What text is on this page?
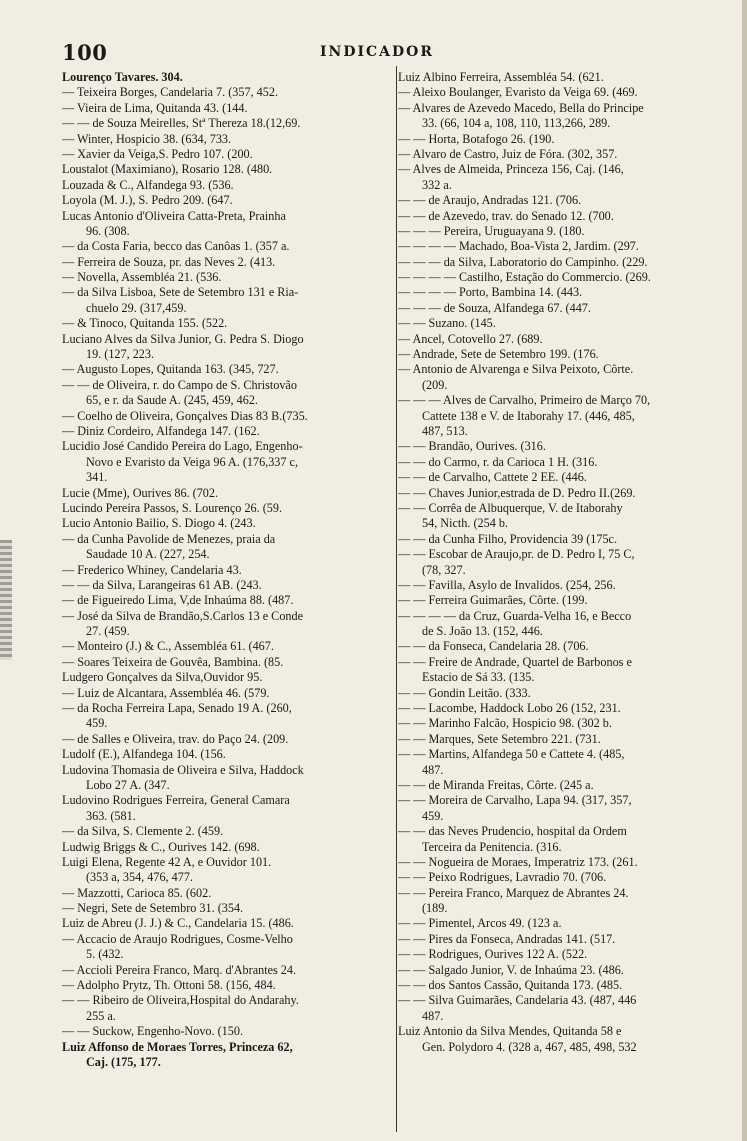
100	INDICADOR
Lourenço Tavares. 304.
— Teixeira Borges, Candelaria 7. (357, 452.
— Vieira de Lima, Quitanda 43. (144.
— — de Souza Meirelles, Stª Thereza 18.(12,69.
— Winter, Hospicio 38. (634, 733.
— Xavier da Veiga,S. Pedro 107. (200.
Loustalot (Maximiano), Rosario 128. (480.
Louzada & C., Alfandega 93. (536.
Loyola (M. J.), S. Pedro 209. (647.
Lucas Antonio d'Oliveira Catta-Preta, Prainha
96. (308.
— da Costa Faria, becco das Canôas 1. (357 a.
— Ferreira de Souza, pr. das Neves 2. (413.
— Novella, Assembléa 21. (536.
— da Silva Lisboa, Sete de Setembro 131 e Ria-
chuelo 29. (317,459.
— & Tinoco, Quitanda 155. (522.
Luciano Alves da Silva Junior, G. Pedra S. Diogo
19. (127, 223.
— Augusto Lopes, Quitanda 163. (345, 727.
— — de Oliveira, r. do Campo de S. Christovão
65, e r. da Saude A. (245, 459, 462.
— Coelho de Oliveira, Gonçalves Dias 83 B.(735.
— Diniz Cordeiro, Alfandega 147. (162.
Lucidio José Candido Pereira do Lago, Engenho-
Novo e Evaristo da Veiga 96 A. (176,337 c,
341.
Lucie (Mme), Ourives 86. (702.
Lucindo Pereira Passos, S. Lourenço 26. (59.
Lucio Antonio Bailio, S. Diogo 4. (243.
— da Cunha Pavolide de Menezes, praia da
Saudade 10 A. (227, 254.
— Frederico Whiney, Candelaria 43.
— — da Silva, Larangeiras 61 AB. (243.
— de Figueiredo Lima, V,de Inhaúma 88. (487.
— José da Silva de Brandão,S.Carlos 13 e Conde
27. (459.
— Monteiro (J.) & C., Assembléa 61. (467.
— Soares Teixeira de Gouvêa, Bambina. (85.
Ludgero Gonçalves da Silva,Ouvidor 95.
— Luiz de Alcantara, Assembléa 46. (579.
— da Rocha Ferreira Lapa, Senado 19 A. (260,
459.
— de Salles e Oliveira, trav. do Paço 24. (209.
Ludolf (E.), Alfandega 104. (156.
Ludovina Thomasia de Oliveira e Silva, Haddock
Lobo 27 A. (347.
Ludovino Rodrigues Ferreira, General Camara
363. (581.
— da Silva, S. Clemente 2. (459.
Ludwig Briggs & C., Ourives 142. (698.
Luigi Elena, Regente 42 A, e Ouvidor 101.
(353 a, 354, 476, 477.
— Mazzotti, Carioca 85. (602.
— Negri, Sete de Setembro 31. (354.
Luiz de Abreu (J. J.) & C., Candelaria 15. (486.
— Accacio de Araujo Rodrigues, Cosme-Velho
5. (432.
— Accioli Pereira Franco, Marq. d'Abrantes 24.
— Adolpho Prytz, Th. Ottoni 58. (156, 484.
— — Ribeiro de Oliveira,Hospital do Andarahy.
255 a.
— — Suckow, Engenho-Novo. (150.
Luiz Affonso de Moraes Torres, Princeza 62,
Caj. (175, 177.
Luiz Albino Ferreira, Assembléa 54. (621.
— Aleixo Boulanger, Evaristo da Veiga 69. (469.
— Alvares de Azevedo Macedo, Bella do Principe
33. (66, 104 a, 108, 110, 113,266, 289.
— — Horta, Botafogo 26. (190.
— Alvaro de Castro, Juiz de Fóra. (302, 357.
— Alves de Almeida, Princeza 156, Caj. (146,
332 a.
— — de Araujo, Andradas 121. (706.
— — de Azevedo, trav. do Senado 12. (700.
— — — Pereira, Uruguayana 9. (180.
— — — — Machado, Boa-Vista 2, Jardim. (297.
— — — da Silva, Laboratorio do Campinho. (229.
— — — — Castilho, Estação do Commercio. (269.
— — — — Porto, Bambina 14. (443.
— — — de Souza, Alfandega 67. (447.
— — Suzano. (145.
— Ancel, Cotovello 27. (689.
— Andrade, Sete de Setembro 199. (176.
— Antonio de Alvarenga e Silva Peixoto, Côrte.
(209.
— — — Alves de Carvalho, Primeiro de Março 70,
Cattete 138 e V. de Itaborahy 17. (446, 485,
487, 513.
— — Brandão, Ourives. (316.
— — do Carmo, r. da Carioca 1 H. (316.
— — de Carvalho, Cattete 2 EE. (446.
— — Chaves Junior,estrada de D. Pedro II.(269.
— — Corrêa de Albuquerque, V. de Itaborahy
54, Nicth. (254 b.
— — da Cunha Filho, Providencia 39 (175c.
— — Escobar de Araujo,pr. de D. Pedro I, 75 C,
(78, 327.
— — Favilla, Asylo de Invalidos. (254, 256.
— — Ferreira Guimarães, Côrte. (199.
— — — — da Cruz, Guarda-Velha 16, e Becco
de S. João 13. (152, 446.
— — da Fonseca, Candelaria 28. (706.
— — Freire de Andrade, Quartel de Barbonos e
Estacio de Sá 33. (135.
— — Gondin Leitão. (333.
— — Lacombe, Haddock Lobo 26 (152, 231.
— — Marinho Falcão, Hospicio 98. (302 b.
— — Marques, Sete Setembro 221. (731.
— — Martins, Alfandega 50 e Cattete 4. (485,
487.
— — de Miranda Freitas, Côrte. (245 a.
— — Moreira de Carvalho, Lapa 94. (317, 357,
459.
— — das Neves Prudencio, hospital da Ordem
Terceira da Penitencia. (316.
— — Nogueira de Moraes, Imperatriz 173. (261.
— — Peixo Rodrigues, Lavradio 70. (706.
— — Pereira Franco, Marquez de Abrantes 24.
(189.
— — Pimentel, Arcos 49. (123 a.
— — Pires da Fonseca, Andradas 141. (517.
— — Rodrigues, Ourives 122 A. (522.
— — Salgado Junior, V. de Inhaúma 23. (486.
— — dos Santos Cassão, Quitanda 173. (485.
— — Silva Guimarães, Candelaria 43. (487, 446
487.
Luiz Antonio da Silva Mendes, Quitanda 58 e
Gen. Polydoro 4. (328 a, 467, 485, 498, 532
